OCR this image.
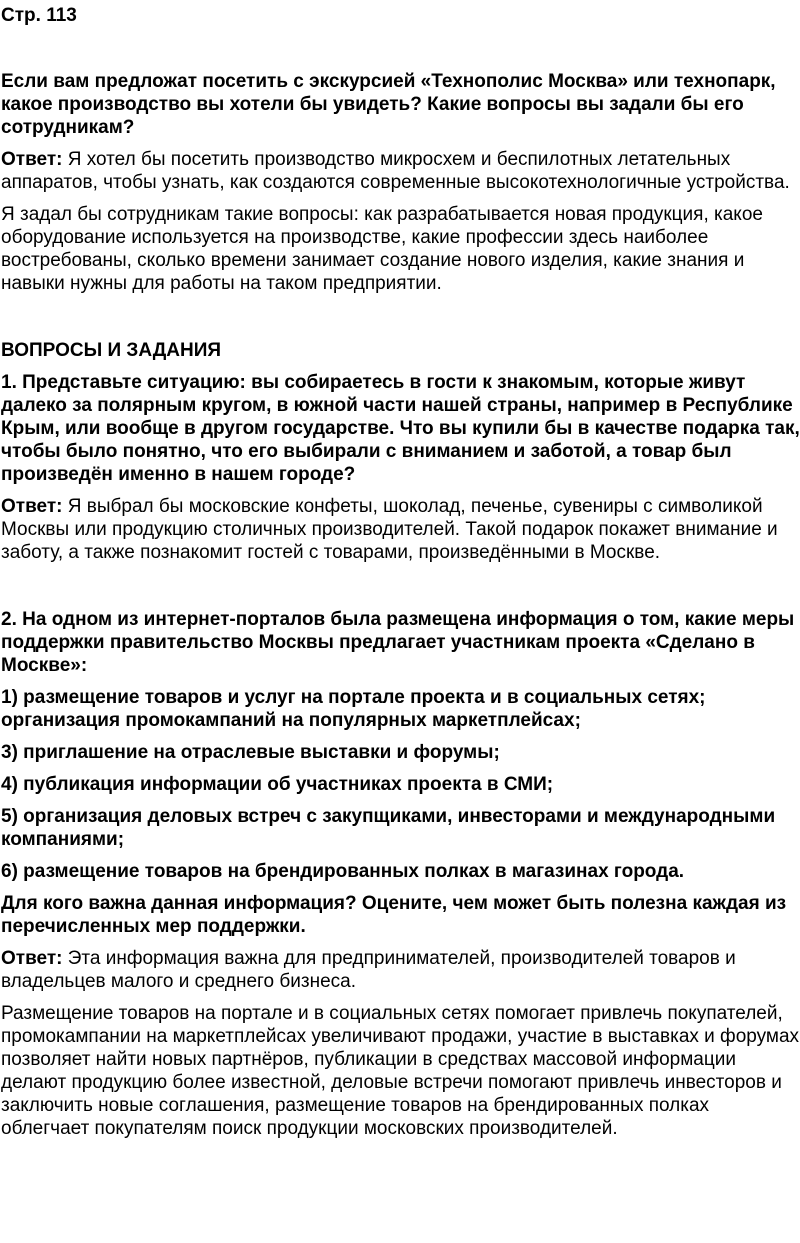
Стр. 113
Если вам предложат посетить с экскурсией «Технополис Москва» или технопарк, какое производство вы хотели бы увидеть? Какие вопросы вы задали бы его сотрудникам?
Ответ: Я хотел бы посетить производство микросхем и беспилотных летательных аппаратов, чтобы узнать, как создаются современные высокотехнологичные устройства.
Я задал бы сотрудникам такие вопросы: как разрабатывается новая продукция, какое оборудование используется на производстве, какие профессии здесь наиболее востребованы, сколько времени занимает создание нового изделия, какие знания и навыки нужны для работы на таком предприятии.
ВОПРОСЫ И ЗАДАНИЯ
1. Представьте ситуацию: вы собираетесь в гости к знакомым, которые живут далеко за полярным кругом, в южной части нашей страны, например в Республике Крым, или вообще в другом государстве. Что вы купили бы в качестве подарка так, чтобы было понятно, что его выбирали с вниманием и заботой, а товар был произведён именно в нашем городе?
Ответ: Я выбрал бы московские конфеты, шоколад, печенье, сувениры с символикой Москвы или продукцию столичных производителей. Такой подарок покажет внимание и заботу, а также познакомит гостей с товарами, произведёнными в Москве.
2. На одном из интернет-порталов была размещена информация о том, какие меры поддержки правительство Москвы предлагает участникам проекта «Сделано в Москве»:
1) размещение товаров и услуг на портале проекта и в социальных сетях; организация промокампаний на популярных маркетплейсах;
3) приглашение на отраслевые выставки и форумы;
4) публикация информации об участниках проекта в СМИ;
5) организация деловых встреч с закупщиками, инвесторами и международными компаниями;
6) размещение товаров на брендированных полках в магазинах города.
Для кого важна данная информация? Оцените, чем может быть полезна каждая из перечисленных мер поддержки.
Ответ: Эта информация важна для предпринимателей, производителей товаров и владельцев малого и среднего бизнеса.
Размещение товаров на портале и в социальных сетях помогает привлечь покупателей, промокампании на маркетплейсах увеличивают продажи, участие в выставках и форумах позволяет найти новых партнёров, публикации в средствах массовой информации делают продукцию более известной, деловые встречи помогают привлечь инвесторов и заключить новые соглашения, размещение товаров на брендированных полках облегчает покупателям поиск продукции московских производителей.
